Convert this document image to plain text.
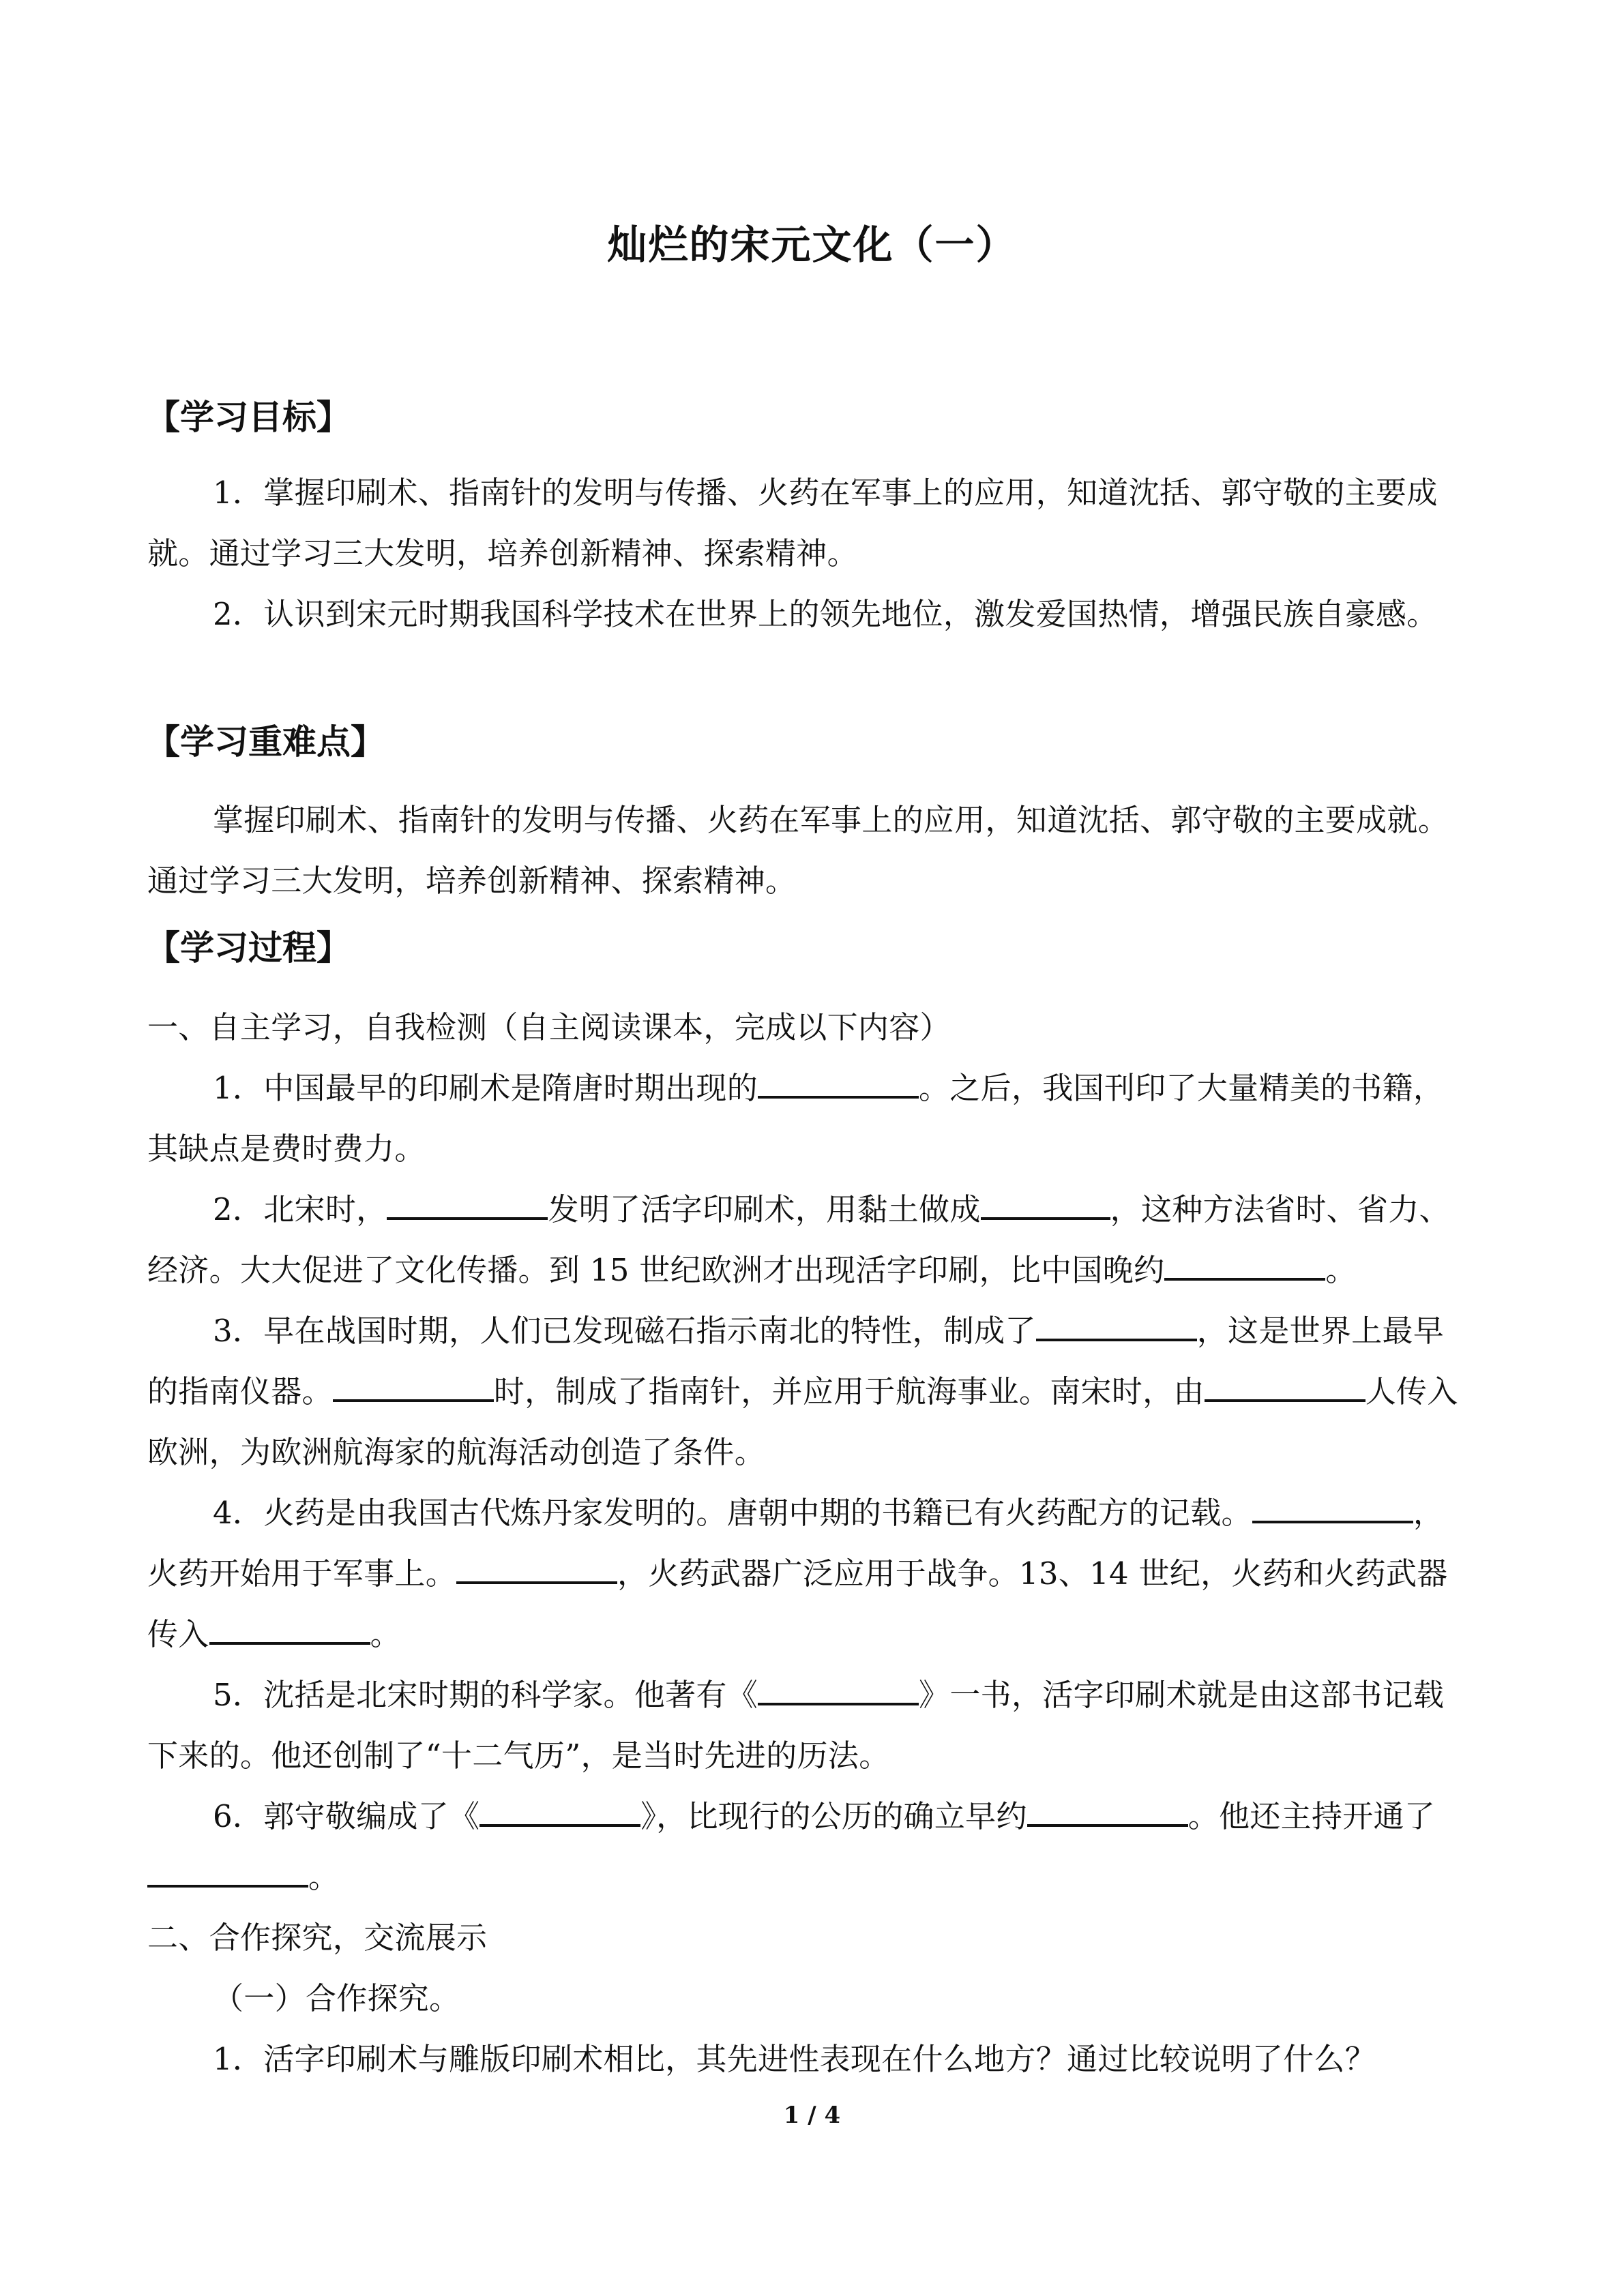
灿烂的宋元文化（一）
【学习目标】
1．掌握印刷术、指南针的发明与传播、火药在军事上的应用，知道沈括、郭守敬的主要成就。通过学习三大发明，培养创新精神、探索精神。
2．认识到宋元时期我国科学技术在世界上的领先地位，激发爱国热情，增强民族自豪感。
【学习重难点】
掌握印刷术、指南针的发明与传播、火药在军事上的应用，知道沈括、郭守敬的主要成就。通过学习三大发明，培养创新精神、探索精神。
【学习过程】
一、自主学习，自我检测（自主阅读课本，完成以下内容）
1．中国最早的印刷术是隋唐时期出现的	。之后，我国刊印了大量精美的书籍，其缺点是费时费力。
2．北宋时，	发明了活字印刷术，用黏土做成	，这种方法省时、省力、经济。大大促进了文化传播。到 15 世纪欧洲才出现活字印刷，比中国晚约	。
3．早在战国时期，人们已发现磁石指示南北的特性，制成了	，这是世界上最早的指南仪器。	时，制成了指南针，并应用于航海事业。南宋时，由	人传入欧洲，为欧洲航海家的航海活动创造了条件。
4．火药是由我国古代炼丹家发明的。唐朝中期的书籍已有火药配方的记载。	，火药开始用于军事上。	，火药武器广泛应用于战争。13、14 世纪，火药和火药武器传入	。
5．沈括是北宋时期的科学家。他著有《	》一书，活字印刷术就是由这部书记载下来的。他还创制了“十二气历”，是当时先进的历法。
6．郭守敬编成了《	》，比现行的公历的确立早约	。他还主持开通了。
二、合作探究，交流展示
（一）合作探究。
1．活字印刷术与雕版印刷术相比，其先进性表现在什么地方？通过比较说明了什么？
1 / 4
